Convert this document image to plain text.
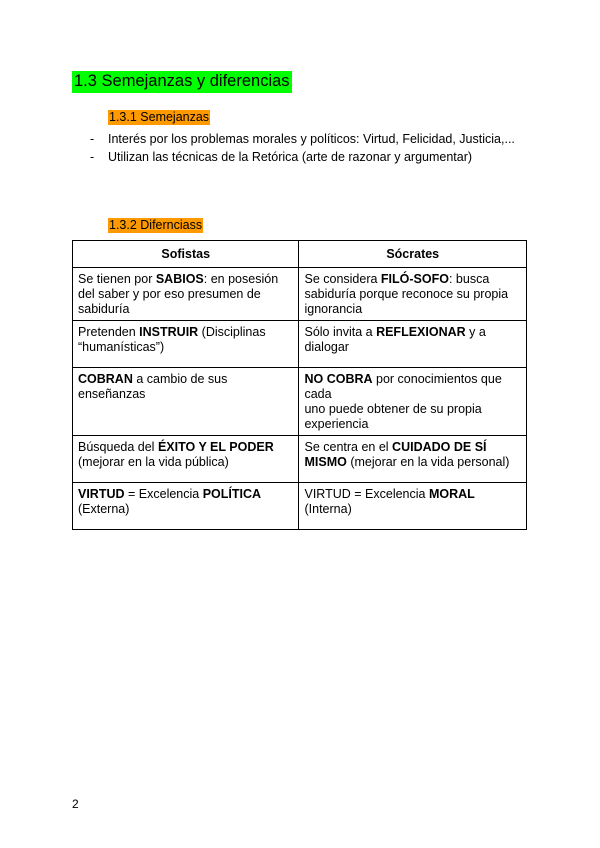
1.3 Semejanzas y diferencias
1.3.1 Semejanzas
- Interés por los problemas morales y políticos: Virtud, Felicidad, Justicia,...
- Utilizan las técnicas de la Retórica (arte de razonar y argumentar)
1.3.2 Difernciass
Sofistas	Sócrates
Se tienen por SABIOS: en posesión del saber y por eso presumen de sabiduría	Se considera FILÓ-SOFO: busca sabiduría porque reconoce su propia ignorancia
Pretenden INSTRUIR (Disciplinas “humanísticas”)	Sólo invita a REFLEXIONAR y a dialogar
COBRAN a cambio de sus enseñanzas	NO COBRA por conocimientos que cada
uno puede obtener de su propia experiencia
Búsqueda del ÉXITO Y EL PODER (mejorar en la vida pública)	Se centra en el CUIDADO DE SÍ MISMO (mejorar en la vida personal)
VIRTUD = Excelencia POLÍTICA (Externa)	VIRTUD = Excelencia MORAL (Interna)
2
